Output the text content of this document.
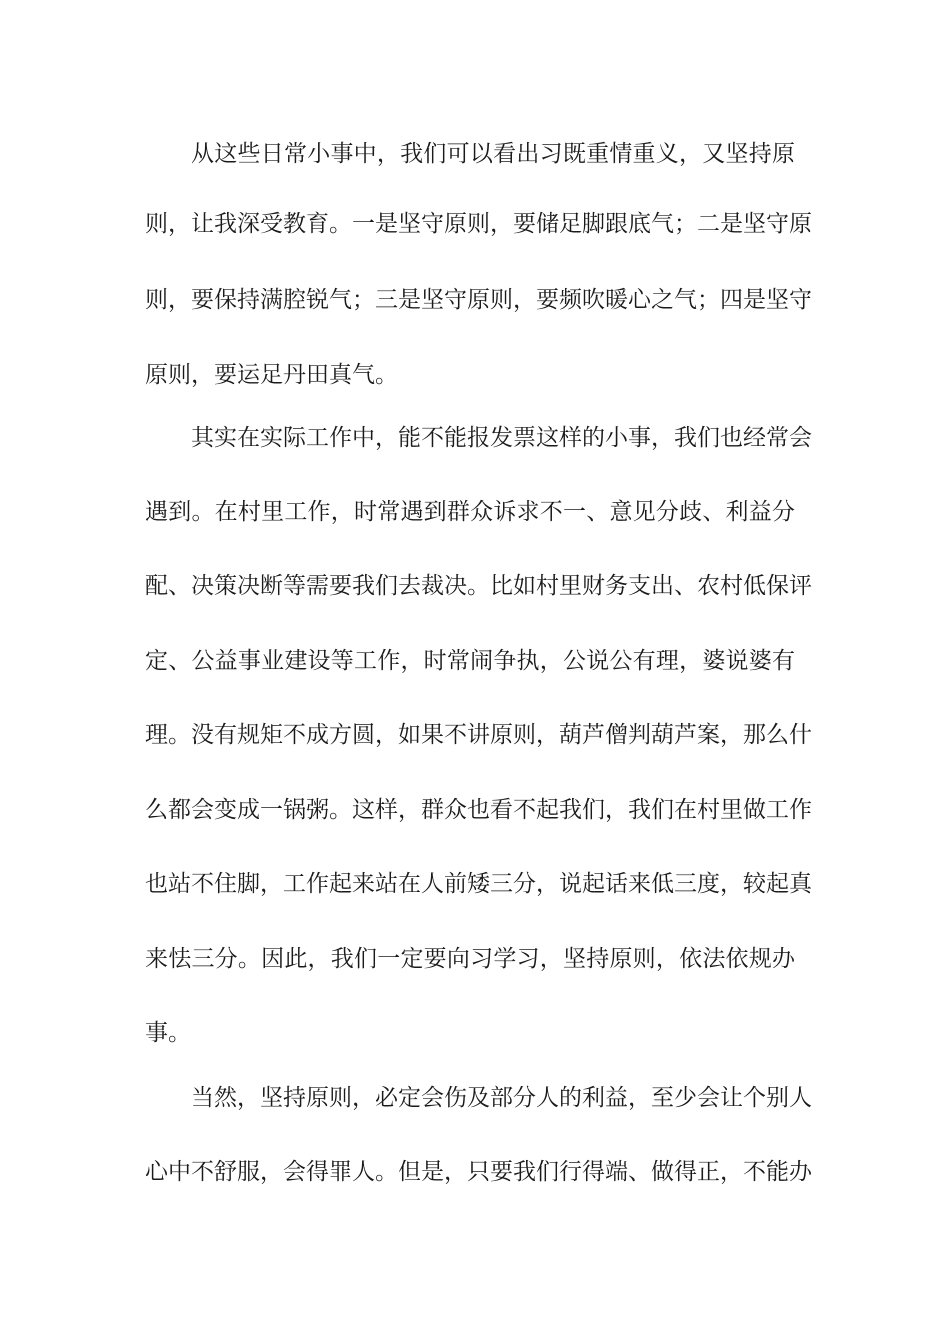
从这些日常小事中，我们可以看出习既重情重义，又坚持原
则，让我深受教育。一是坚守原则，要储足脚跟底气；二是坚守原
则，要保持满腔锐气；三是坚守原则，要频吹暖心之气；四是坚守
原则，要运足丹田真气。
其实在实际工作中，能不能报发票这样的小事，我们也经常会
遇到。在村里工作，时常遇到群众诉求不一、意见分歧、利益分
配、决策决断等需要我们去裁决。比如村里财务支出、农村低保评
定、公益事业建设等工作，时常闹争执，公说公有理，婆说婆有
理。没有规矩不成方圆，如果不讲原则，葫芦僧判葫芦案，那么什
么都会变成一锅粥。这样，群众也看不起我们，我们在村里做工作
也站不住脚，工作起来站在人前矮三分，说起话来低三度，较起真
来怯三分。因此，我们一定要向习学习，坚持原则，依法依规办
事。
当然，坚持原则，必定会伤及部分人的利益，至少会让个别人
心中不舒服，会得罪人。但是，只要我们行得端、做得正，不能办
